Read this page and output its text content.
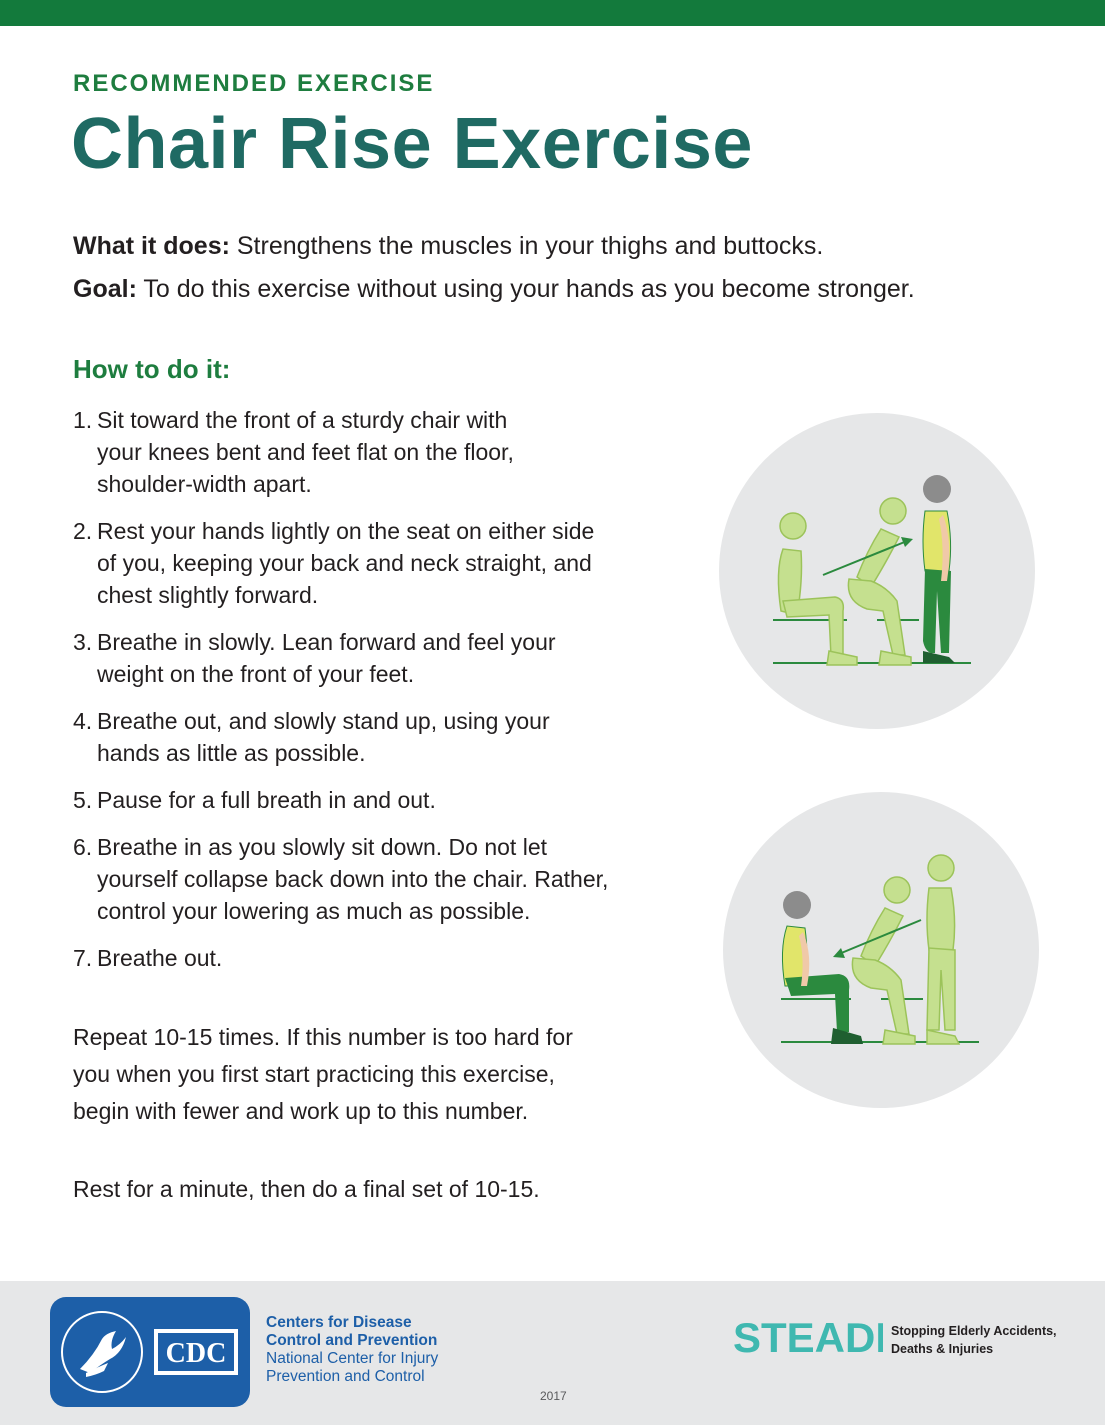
RECOMMENDED EXERCISE
Chair Rise Exercise
What it does: Strengthens the muscles in your thighs and buttocks.
Goal: To do this exercise without using your hands as you become stronger.
How to do it:
1. Sit toward the front of a sturdy chair with
your knees bent and feet flat on the floor,
shoulder-width apart.
2. Rest your hands lightly on the seat on either side
of you, keeping your back and neck straight, and
chest slightly forward.
3. Breathe in slowly. Lean forward and feel your
weight on the front of your feet.
4. Breathe out, and slowly stand up, using your
hands as little as possible.
5. Pause for a full breath in and out.
6. Breathe in as you slowly sit down. Do not let
yourself collapse back down into the chair. Rather,
control your lowering as much as possible.
7. Breathe out.
Repeat 10-15 times. If this number is too hard for
you when you first start practicing this exercise,
begin with fewer and work up to this number.
Rest for a minute, then do a final set of 10-15.
CDC
Centers for Disease
Control and Prevention
National Center for Injury
Prevention and Control
2017
STEADI Stopping Elderly Accidents,
Deaths & Injuries
